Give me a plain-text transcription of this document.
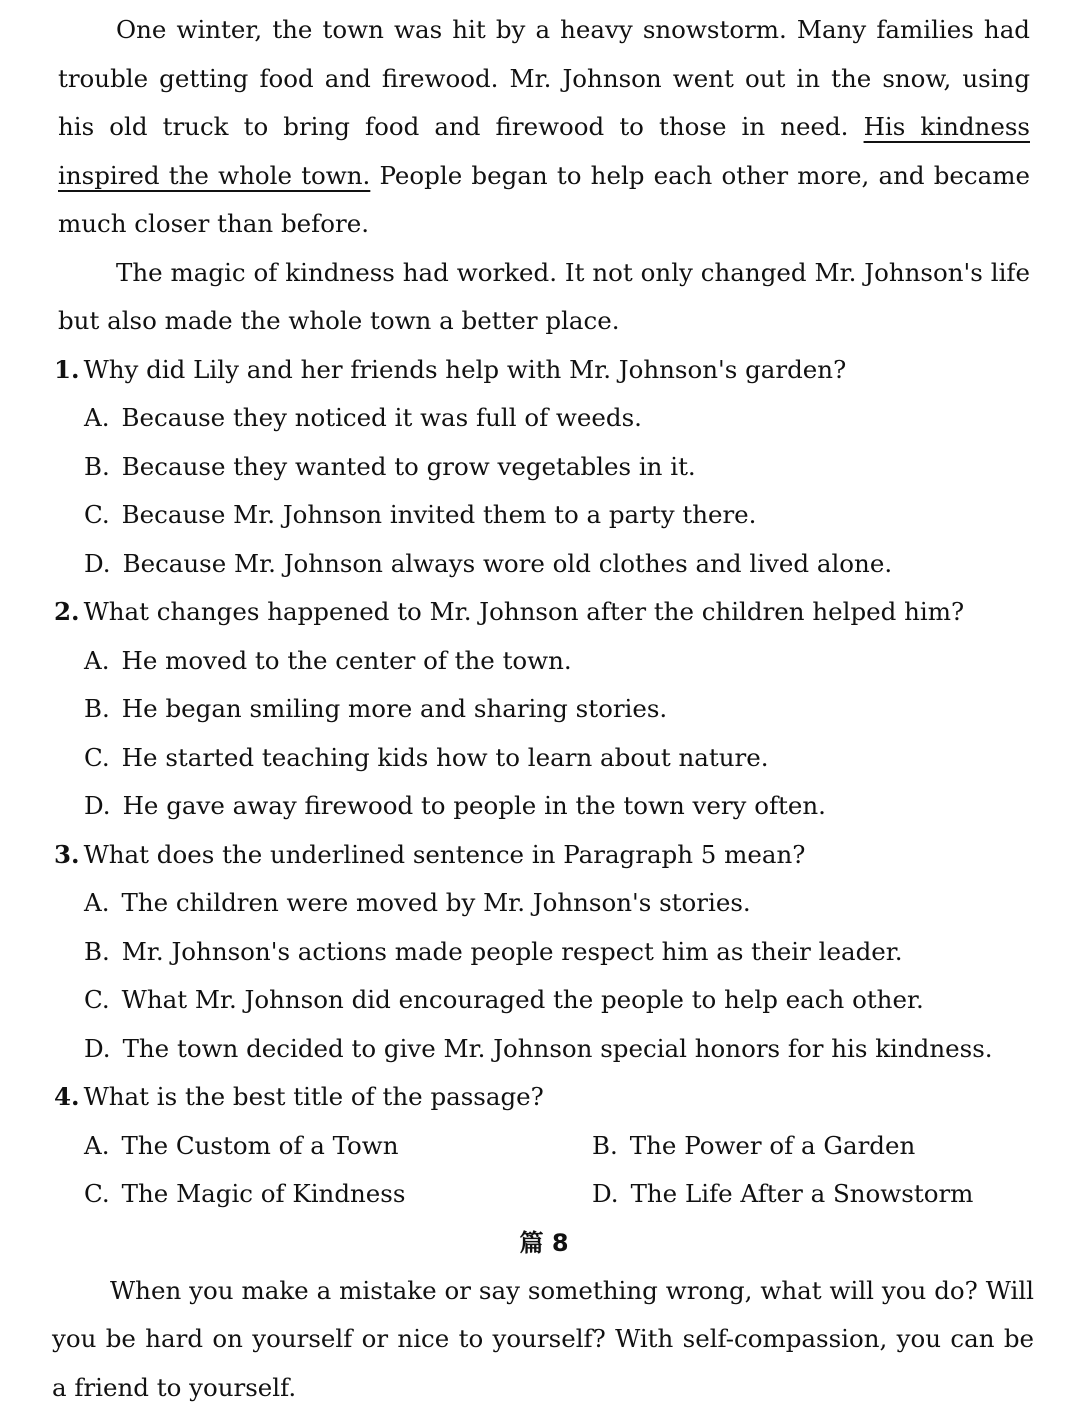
One winter, the town was hit by a heavy snowstorm. Many families had trouble getting food and firewood. Mr. Johnson went out in the snow, using his old truck to bring food and firewood to those in need. His kindness inspired the whole town. People began to help each other more, and became much closer than before.

The magic of kindness had worked. It not only changed Mr. Johnson's life but also made the whole town a better place.

1. Why did Lily and her friends help with Mr. Johnson's garden?

A. Because they noticed it was full of weeds.

B. Because they wanted to grow vegetables in it.

C. Because Mr. Johnson invited them to a party there.

D. Because Mr. Johnson always wore old clothes and lived alone.

2. What changes happened to Mr. Johnson after the children helped him?

A. He moved to the center of the town.

B. He began smiling more and sharing stories.

C. He started teaching kids how to learn about nature.

D. He gave away firewood to people in the town very often.

3. What does the underlined sentence in Paragraph 5 mean?

A. The children were moved by Mr. Johnson's stories.

B. Mr. Johnson's actions made people respect him as their leader.

C. What Mr. Johnson did encouraged the people to help each other.

D. The town decided to give Mr. Johnson special honors for his kindness.

4. What is the best title of the passage?

A. The Custom of a Town	B. The Power of a Garden

C. The Magic of Kindness	D. The Life After a Snowstorm

篇 8

When you make a mistake or say something wrong, what will you do? Will you be hard on yourself or nice to yourself? With self-compassion, you can be a friend to yourself.
